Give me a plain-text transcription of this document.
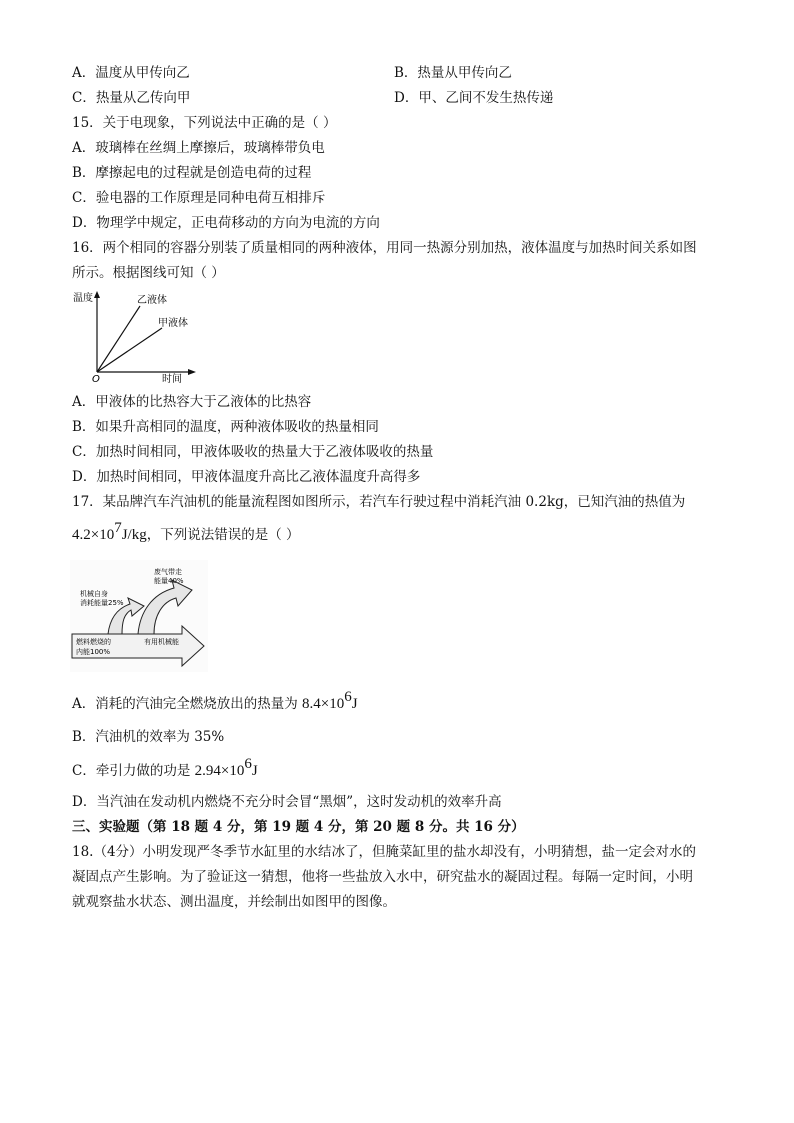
A．温度从甲传向乙	B．热量从甲传向乙
C．热量从乙传向甲	D．甲、乙间不发生热传递
15．关于电现象，下列说法中正确的是（ ）
A．玻璃棒在丝绸上摩擦后，玻璃棒带负电
B．摩擦起电的过程就是创造电荷的过程
C．验电器的工作原理是同种电荷互相排斥
D．物理学中规定，正电荷移动的方向为电流的方向
16．两个相同的容器分别装了质量相同的两种液体，用同一热源分别加热，液体温度与加热时间关系如图
所示。根据图线可知（ ）
温度	乙液体
甲液体
O	时间
A．甲液体的比热容大于乙液体的比热容
B．如果升高相同的温度，两种液体吸收的热量相同
C．加热时间相同，甲液体吸收的热量大于乙液体吸收的热量
D．加热时间相同，甲液体温度升高比乙液体温度升高得多
17．某品牌汽车汽油机的能量流程图如图所示，若汽车行驶过程中消耗汽油 0.2kg，已知汽油的热值为
$4.2\times 10^7J/kg$，下列说法错误的是（ ）
废气带走
能量40%
机械自身
消耗能量25%
燃料燃烧的
内能100%
有用机械能
A．消耗的汽油完全燃烧放出的热量为 $8.4\times 10^6J$
B．汽油机的效率为 35%
C．牵引力做的功是 $2.94\times 10^6J$
D．当汽油在发动机内燃烧不充分时会冒“黑烟”，这时发动机的效率升高
三、实验题（第 18 题 4 分，第 19 题 4 分，第 20 题 8 分。共 16 分）
18.（4分）小明发现严冬季节水缸里的水结冰了，但腌菜缸里的盐水却没有，小明猜想，盐一定会对水的
凝固点产生影响。为了验证这一猜想，他将一些盐放入水中，研究盐水的凝固过程。每隔一定时间，小明
就观察盐水状态、测出温度，并绘制出如图甲的图像。
